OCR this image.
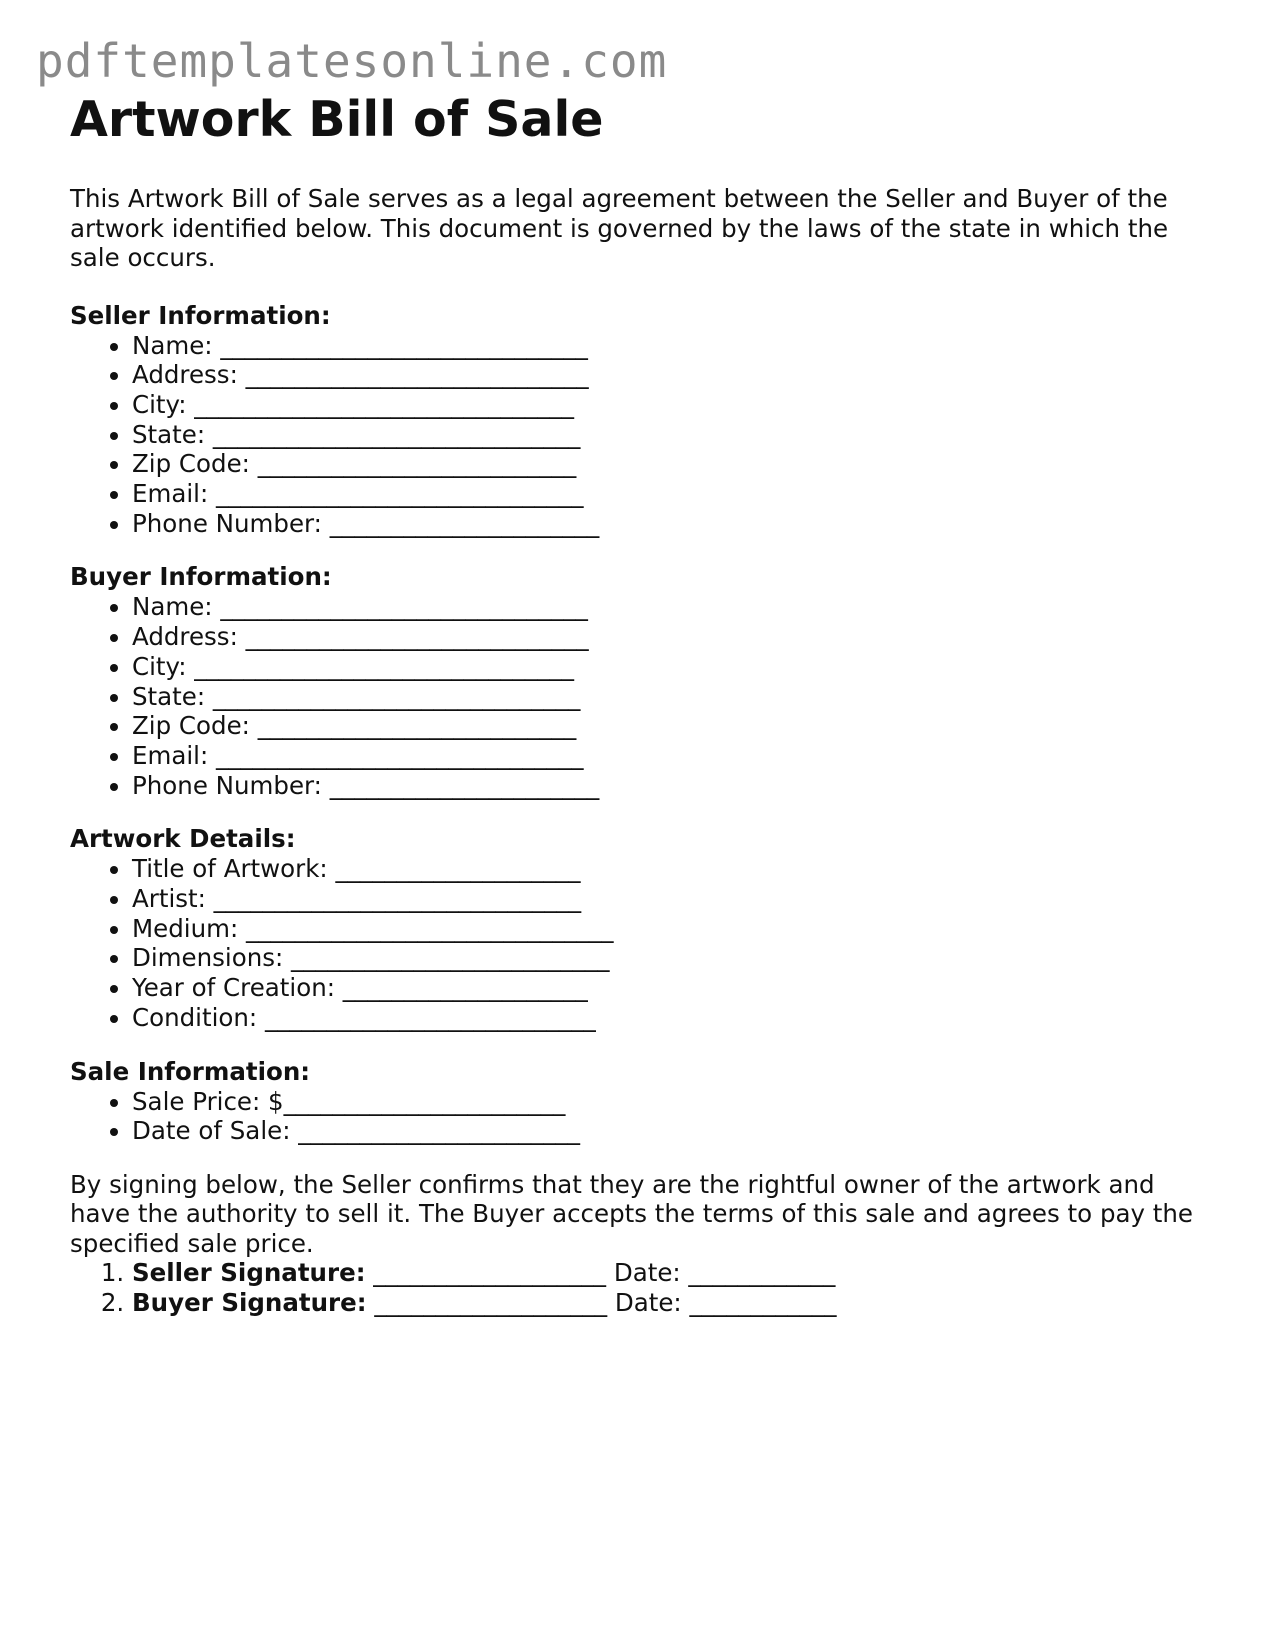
pdftemplatesonline.com
Artwork Bill of Sale

This Artwork Bill of Sale serves as a legal agreement between the Seller and Buyer of the artwork identified below. This document is governed by the laws of the state in which the sale occurs.

Seller Information:
• Name: ______________________________
• Address: ____________________________
• City: _______________________________
• State: ______________________________
• Zip Code: __________________________
• Email: ______________________________
• Phone Number: ______________________
Buyer Information:
• Name: ______________________________
• Address: ____________________________
• City: _______________________________
• State: ______________________________
• Zip Code: __________________________
• Email: ______________________________
• Phone Number: ______________________
Artwork Details:
• Title of Artwork: ____________________
• Artist: ______________________________
• Medium: ______________________________
• Dimensions: __________________________
• Year of Creation: ____________________
• Condition: ___________________________
Sale Information:
• Sale Price: $_______________________
• Date of Sale: _______________________

By signing below, the Seller confirms that they are the rightful owner of the artwork and have the authority to sell it. The Buyer accepts the terms of this sale and agrees to pay the specified sale price.

1. Seller Signature: ___________________ Date: ____________
2. Buyer Signature: ___________________ Date: ____________
